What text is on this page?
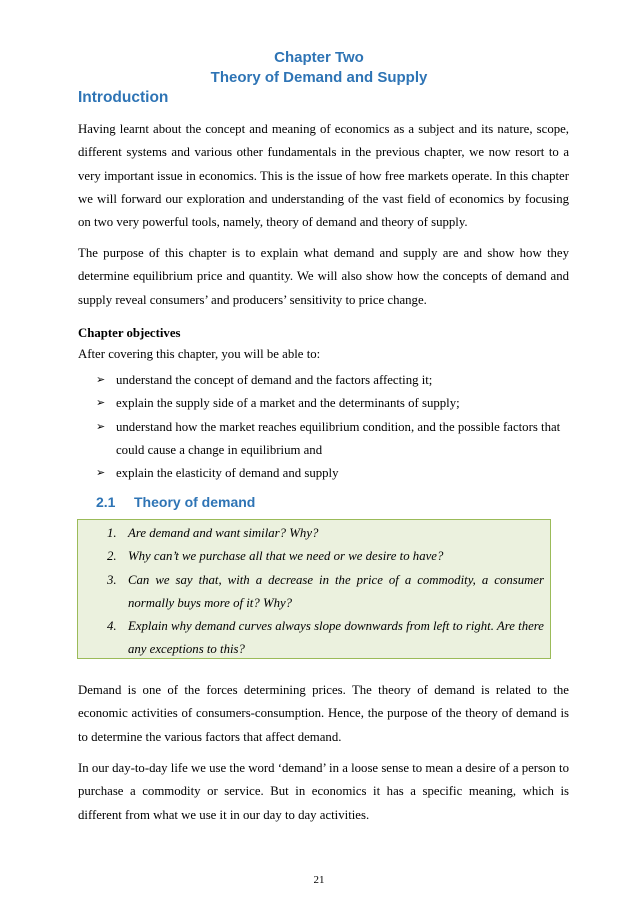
Chapter Two
Theory of Demand and Supply
Introduction

Having learnt about the concept and meaning of economics as a subject and its nature, scope, different systems and various other fundamentals in the previous chapter, we now resort to a very important issue in economics. This is the issue of how free markets operate. In this chapter we will forward our exploration and understanding of the vast field of economics by focusing on two very powerful tools, namely, theory of demand and theory of supply.

The purpose of this chapter is to explain what demand and supply are and show how they determine equilibrium price and quantity. We will also show how the concepts of demand and supply reveal consumers’ and producers’ sensitivity to price change.

Chapter objectives
After covering this chapter, you will be able to:
➢ understand the concept of demand and the factors affecting it;
➢ explain the supply side of a market and the determinants of supply;
➢ understand how the market reaches equilibrium condition, and the possible factors that could cause a change in equilibrium and
➢ explain the elasticity of demand and supply
2.1 Theory of demand
1. Are demand and want similar? Why?
2. Why can’t we purchase all that we need or we desire to have?
3. Can we say that, with a decrease in the price of a commodity, a consumer normally buys more of it? Why?
4. Explain why demand curves always slope downwards from left to right. Are there any exceptions to this?

Demand is one of the forces determining prices. The theory of demand is related to the economic activities of consumers-consumption. Hence, the purpose of the theory of demand is to determine the various factors that affect demand.

In our day-to-day life we use the word ‘demand’ in a loose sense to mean a desire of a person to purchase a commodity or service. But in economics it has a specific meaning, which is different from what we use it in our day to day activities.

21
